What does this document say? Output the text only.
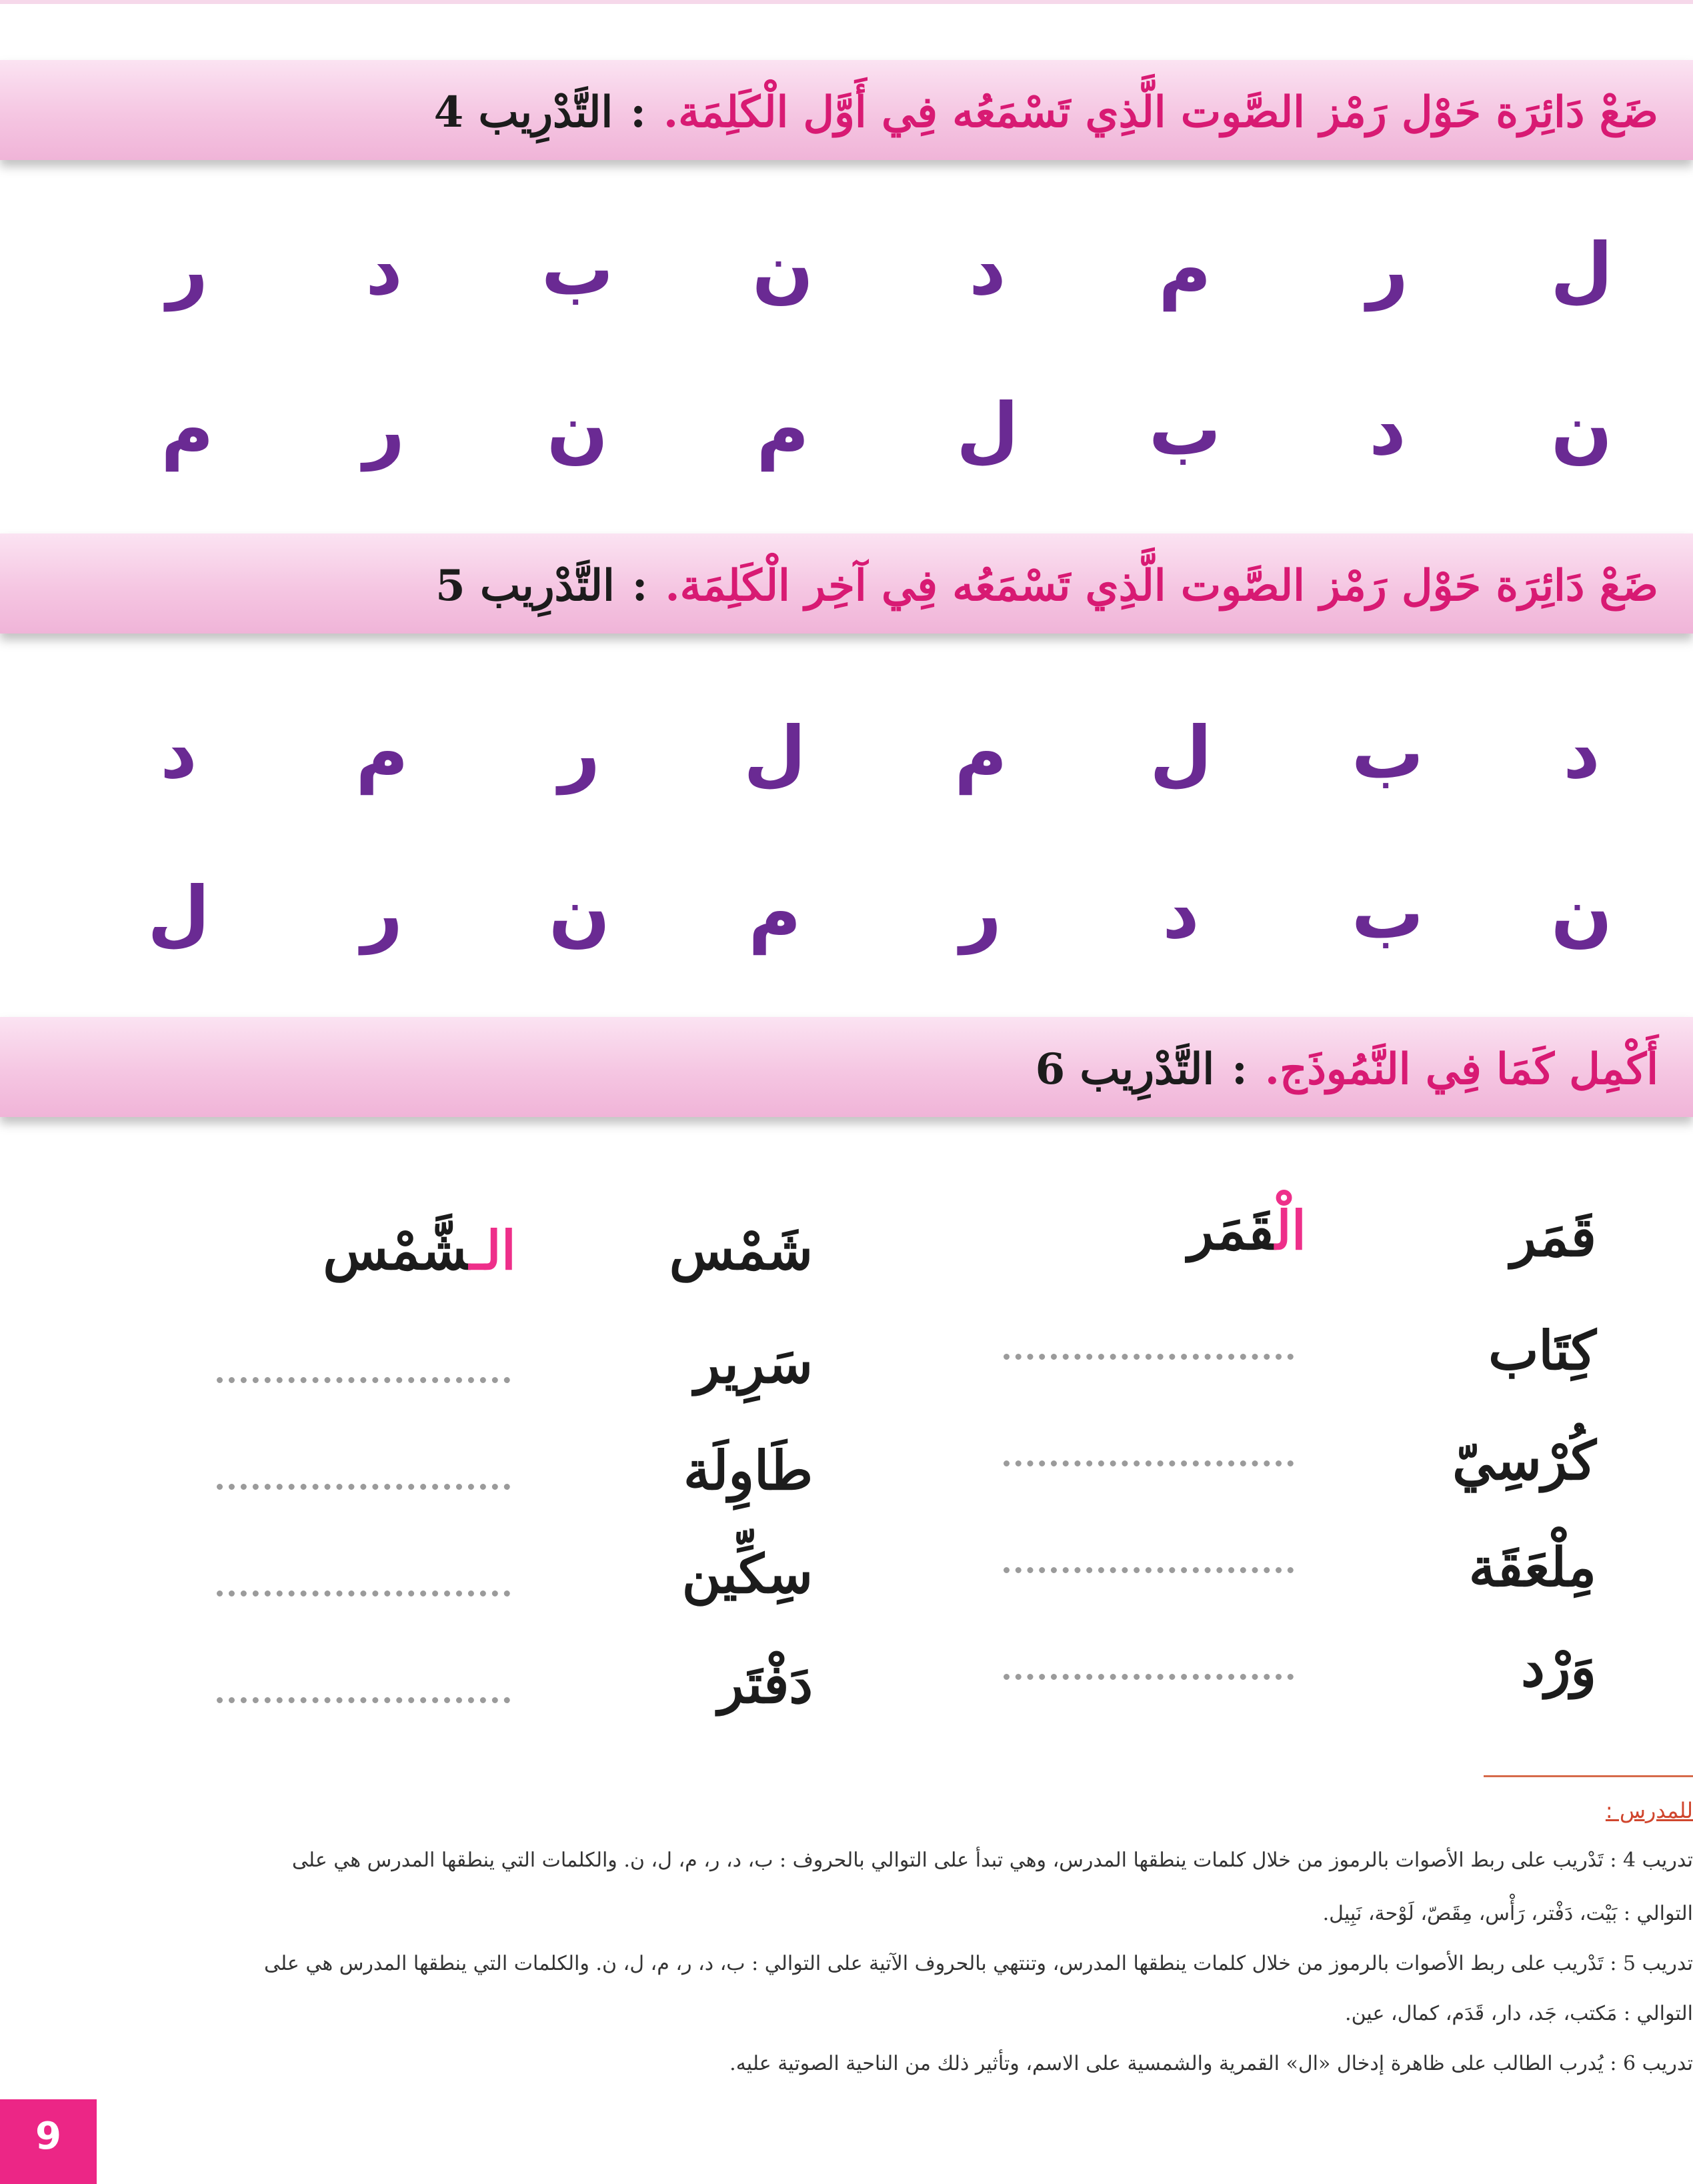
التَّدْرِيب 4 : ضَعْ دَائِرَة حَوْل رَمْز الصَّوت الَّذِي تَسْمَعُه فِي أَوَّل الْكَلِمَة.
ل
ر
م
د
ن
ب
د
ر
ن
د
ب
ل
م
ن
ر
م
التَّدْرِيب 5 : ضَعْ دَائِرَة حَوْل رَمْز الصَّوت الَّذِي تَسْمَعُه فِي آخِر الْكَلِمَة.
د
ب
ل
م
ل
ر
م
د
ن
ب
د
ر
م
ن
ر
ل
التَّدْرِيب 6 : أَكْمِل كَمَا فِي النَّمُوذَج.
قَمَر
كِتَاب
كُرْسِيّ
مِلْعَقَة
وَرْد
الْقَمَر
شَمْس
سَرِير
طَاوِلَة
سِكِّين
دَفْتَر
الـشَّمْس
للمدرس :
تدريب 4 : تَدْريب على ربط الأصوات بالرموز من خلال كلمات ينطقها المدرس، وهي تبدأ على التوالي بالحروف : ب، د، ر، م، ل، ن. والكلمات التي ينطقها المدرس هي على
التوالي : بَيْت، دَفْتر، رَأْس، مِقَصّ، لَوْحة، نَبِيل.
تدريب 5 : تَدْريب على ربط الأصوات بالرموز من خلال كلمات ينطقها المدرس، وتنتهي بالحروف الآتية على التوالي : ب، د، ر، م، ل، ن. والكلمات التي ينطقها المدرس هي على
التوالي : مَكتب، جَد، دار، قَدَم، كمال، عين.
تدريب 6 : يُدرب الطالب على ظاهرة إدخال «ال» القمرية والشمسية على الاسم، وتأثير ذلك من الناحية الصوتية عليه.
9
